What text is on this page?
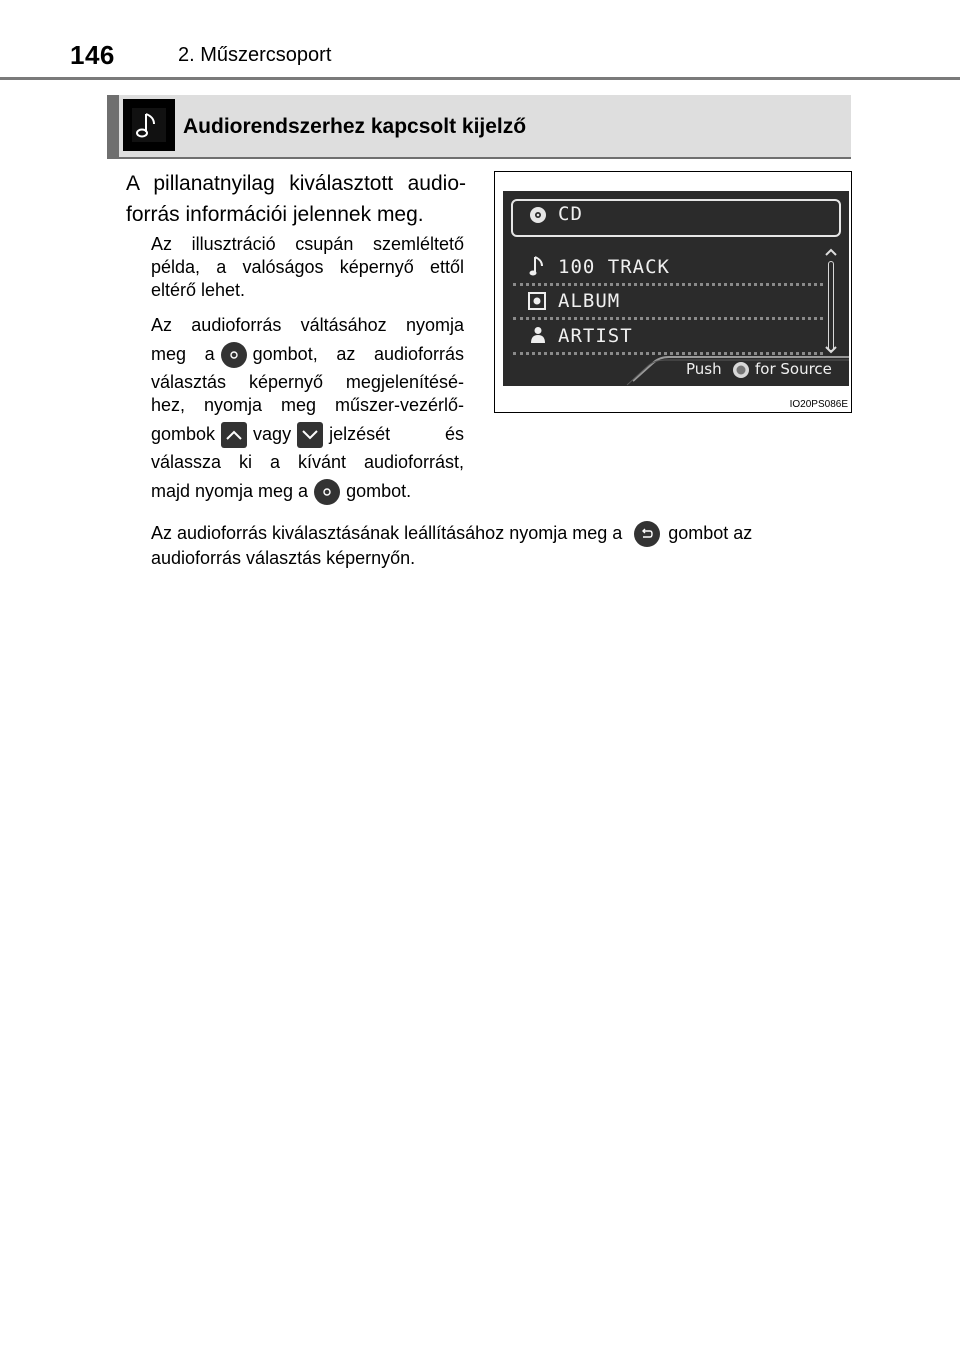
146	2. Műszercsoport
Audiorendszerhez kapcsolt kijelző
A pillanatnyilag kiválasztott audio-
forrás információi jelennek meg.
Az illusztráció csupán szemléltető
példa, a valóságos képernyő ettől
eltérő lehet.
Az audioforrás váltásához nyomja
meg a gombot, az audioforrás
választás képernyő megjelenítésé-
hez, nyomja meg műszer-vezérlő-
gombok vagy jelzését és
válassza ki a kívánt audioforrást,
majd nyomja meg a gombot.
Az audioforrás kiválasztásának leállításához nyomja meg a	gombot az
audioforrás választás képernyőn.
CD
100 TRACK
ALBUM
ARTIST
Push for Source
IO20PS086E
